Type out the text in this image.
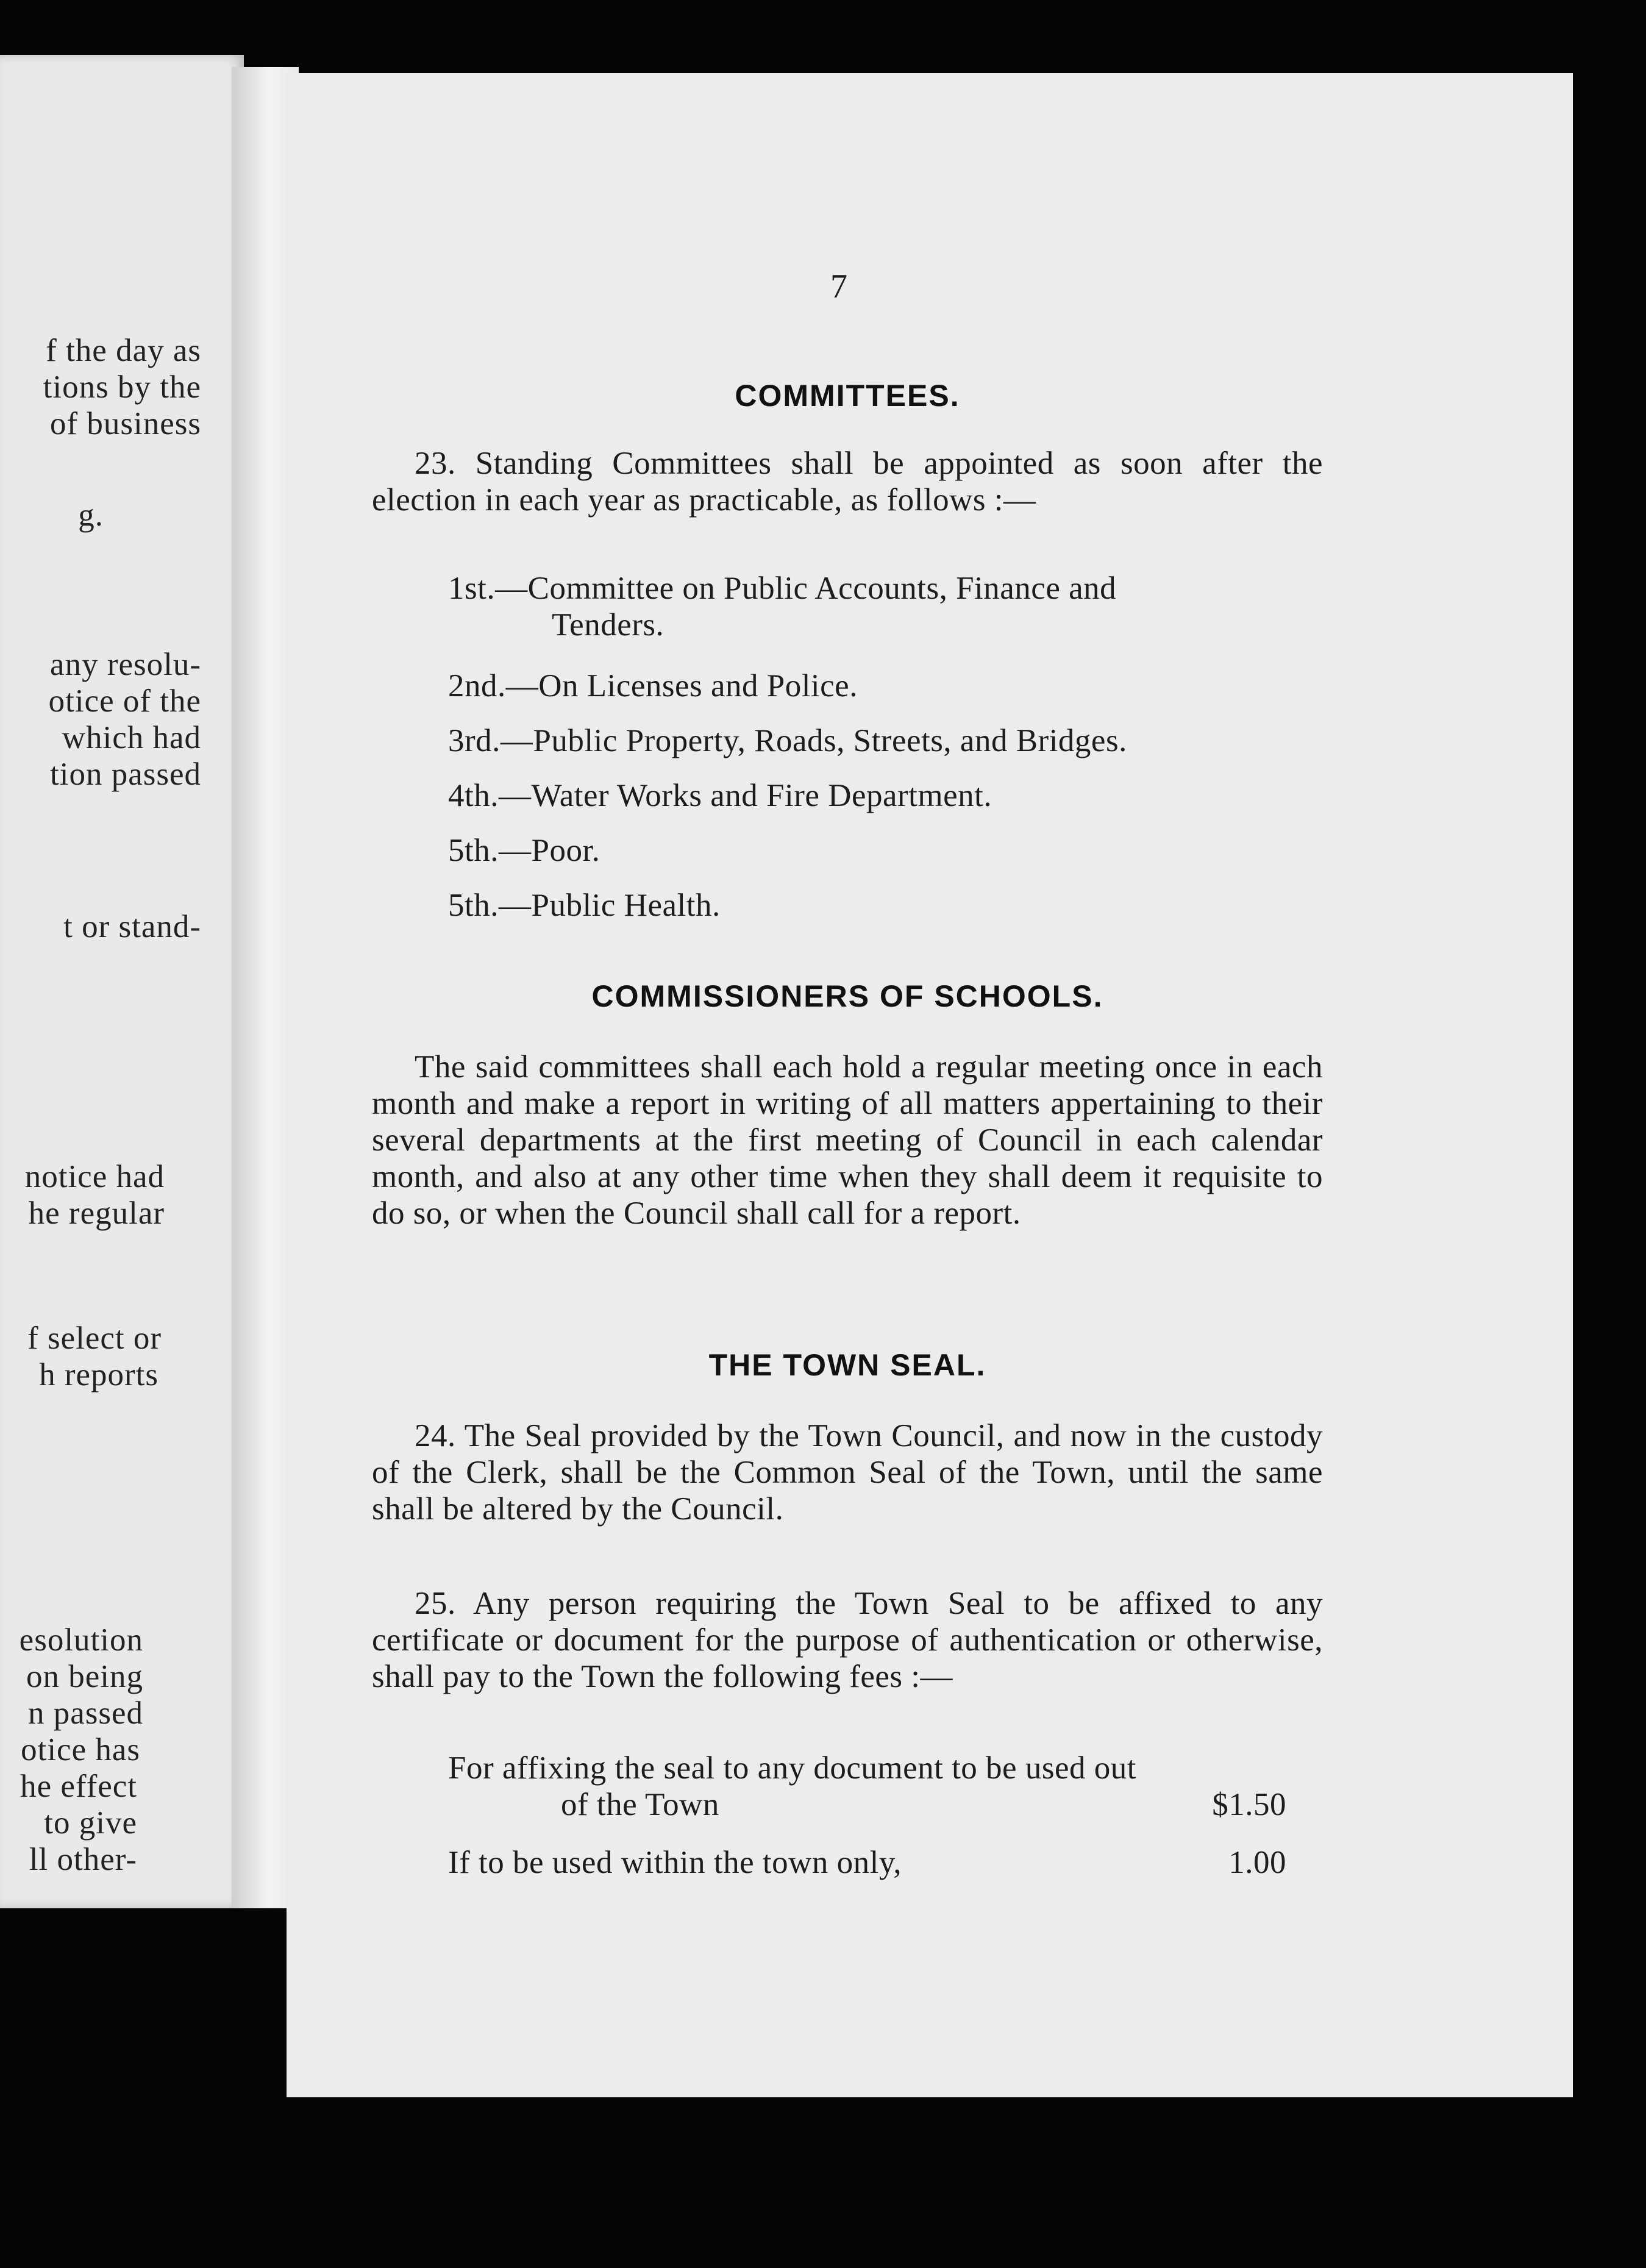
f the day as
tions by the
of business
g.
any resolu-
otice of the
which had
tion passed
t or stand-
notice had
he regular
f select or
h reports
esolution
on being
n passed
otice has
he effect
to give
ll other-
7
COMMITTEES.
23. Standing Committees shall be appointed as soon after the election in each year as practicable, as follows :—
1st.—Committee on Public Accounts, Finance and
Tenders.
2nd.—On Licenses and Police.
3rd.—Public Property, Roads, Streets, and Bridges.
4th.—Water Works and Fire Department.
5th.—Poor.
5th.—Public Health.
COMMISSIONERS OF SCHOOLS.
The said committees shall each hold a regular meeting once in each month and make a report in writing of all matters appertaining to their several departments at the first meeting of Council in each calendar month, and also at any other time when they shall deem it requisite to do so, or when the Council shall call for a report.
THE TOWN SEAL.
24. The Seal provided by the Town Council, and now in the custody of the Clerk, shall be the Common Seal of the Town, until the same shall be altered by the Council.
25. Any person requiring the Town Seal to be affixed to any certificate or document for the purpose of authentication or otherwise, shall pay to the Town the following fees :—
For affixing the seal to any document to be used out
of the Town	$1.50
If to be used within the town only,	1.00
